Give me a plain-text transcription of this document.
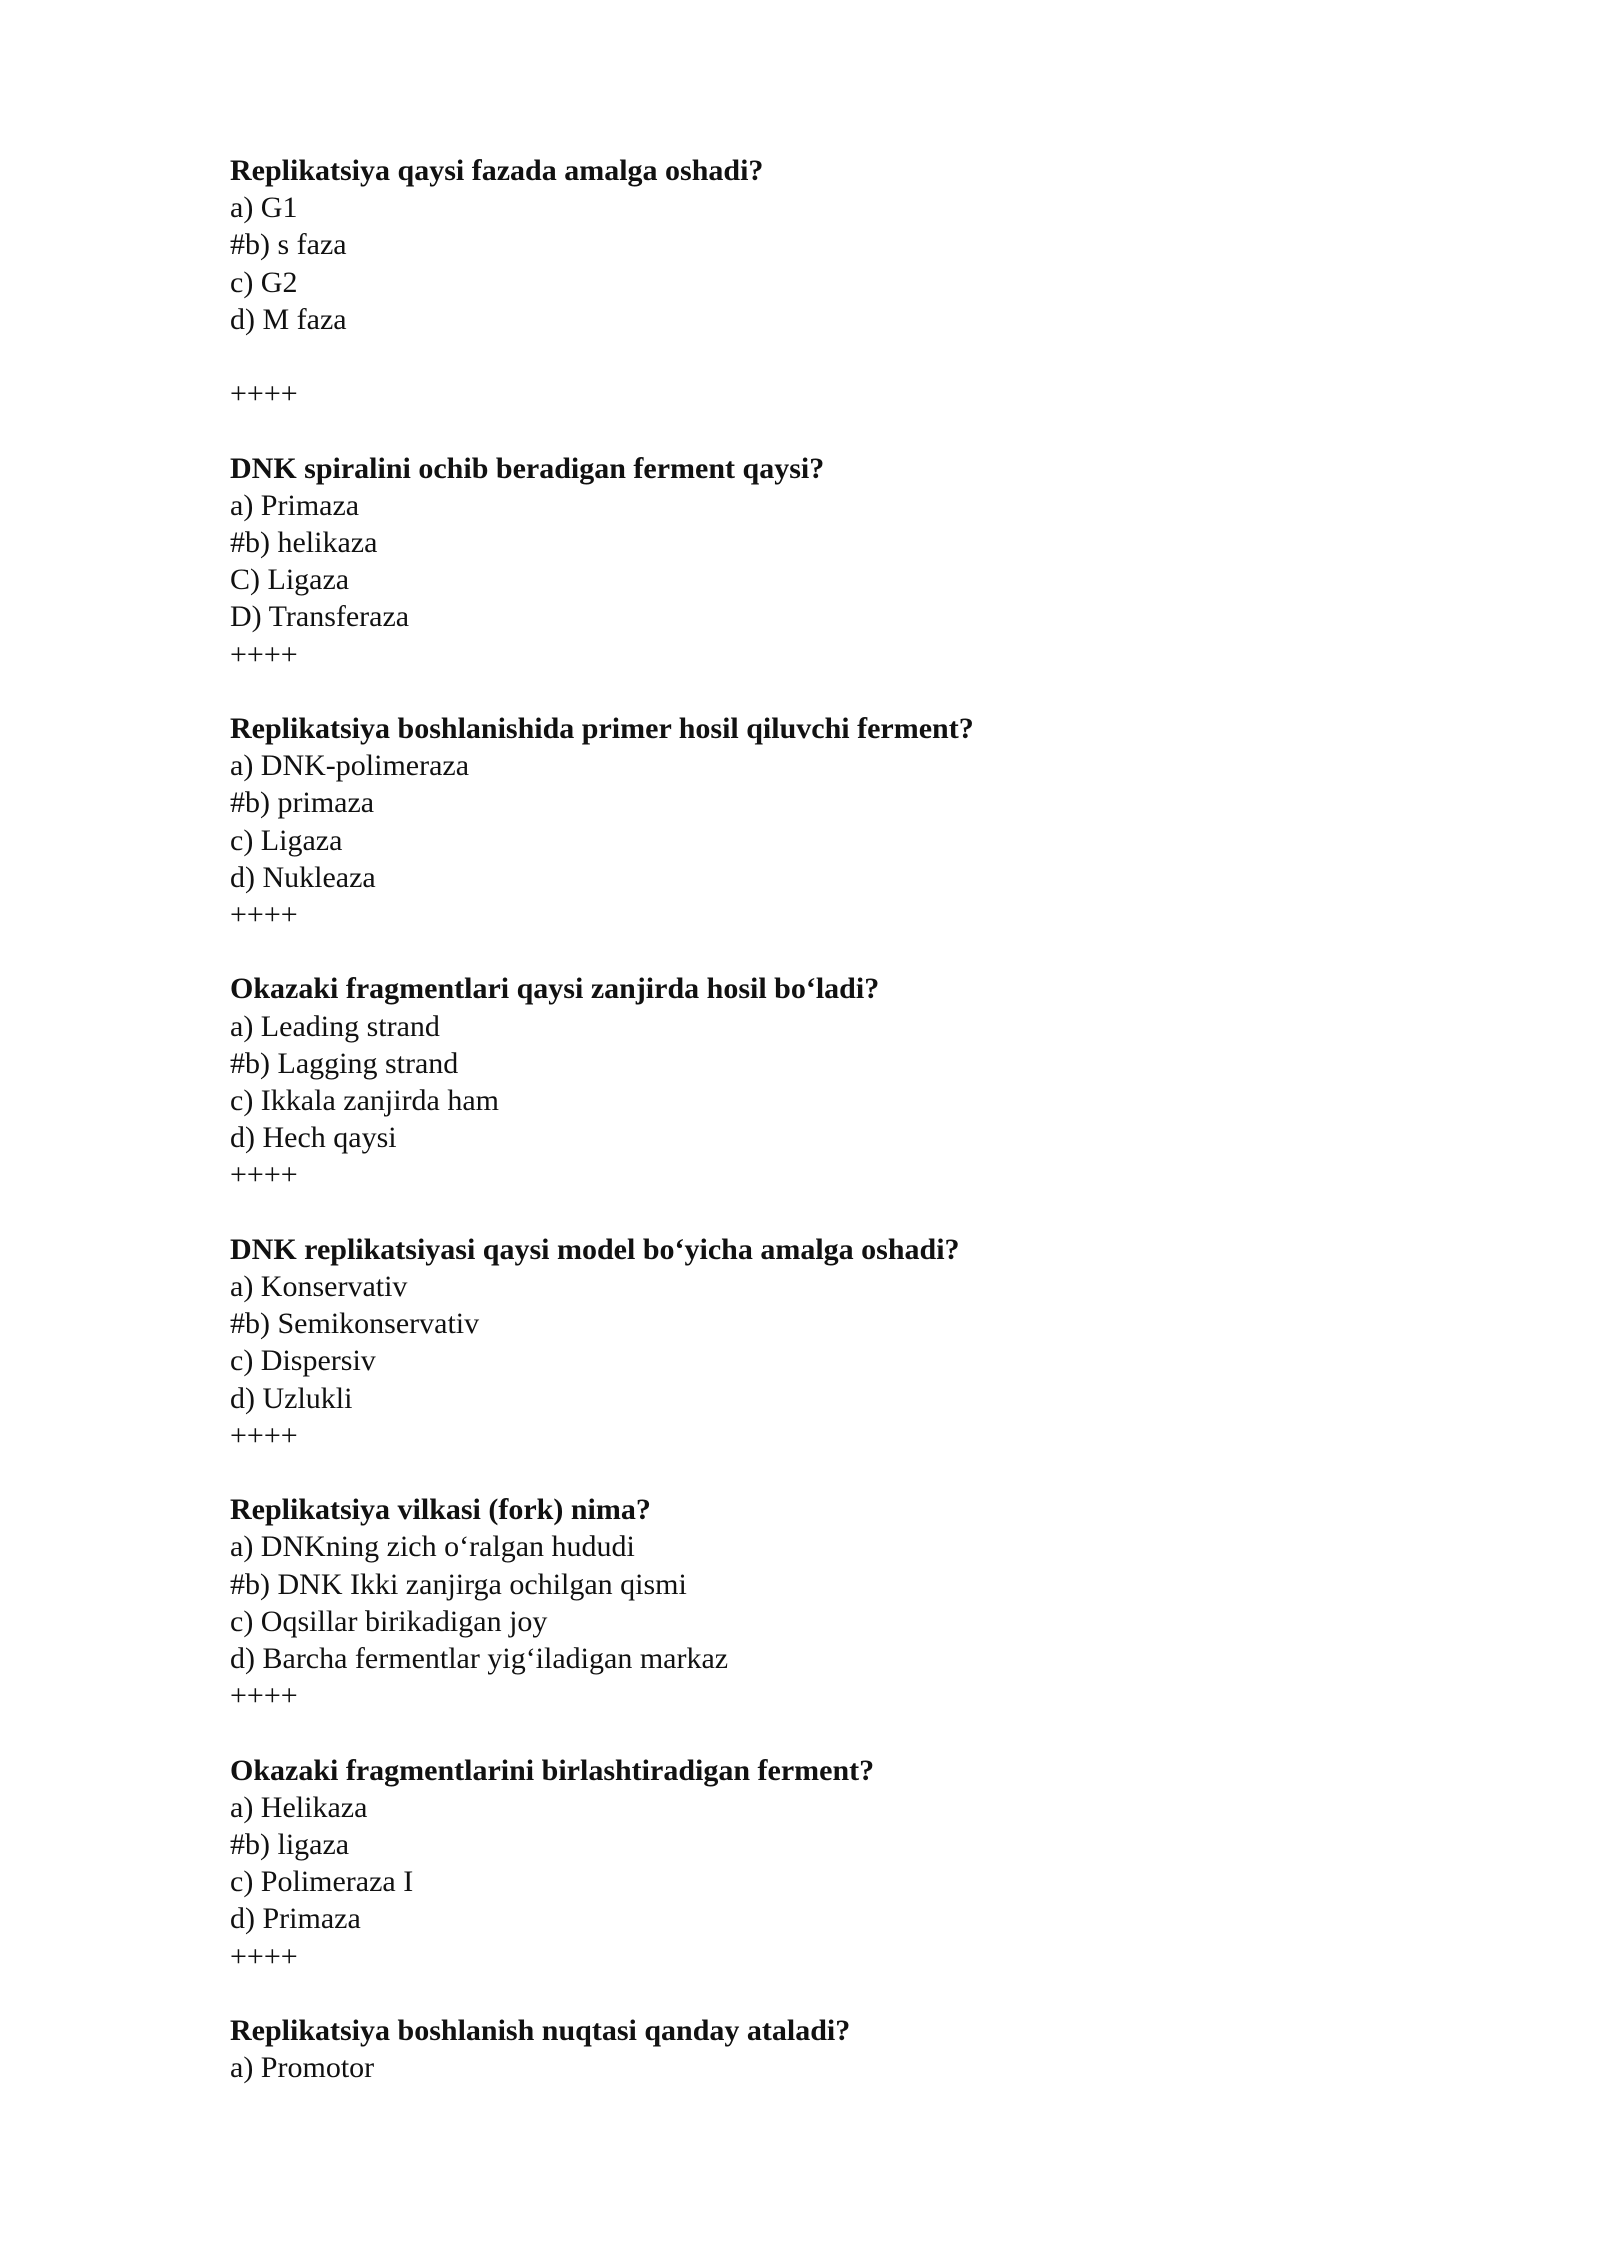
Replikatsiya qaysi fazada amalga oshadi?
a) G1
#b) s faza
c) G2
d) M faza
++++
DNK spiralini ochib beradigan ferment qaysi?
a) Primaza
#b) helikaza
C) Ligaza
D) Transferaza
++++
Replikatsiya boshlanishida primer hosil qiluvchi ferment?
a) DNK-polimeraza
#b) primaza
c) Ligaza
d) Nukleaza
++++
Okazaki fragmentlari qaysi zanjirda hosil bo‘ladi?
a) Leading strand
#b) Lagging strand
c) Ikkala zanjirda ham
d) Hech qaysi
++++
DNK replikatsiyasi qaysi model bo‘yicha amalga oshadi?
a) Konservativ
#b) Semikonservativ
c) Dispersiv
d) Uzlukli
++++
Replikatsiya vilkasi (fork) nima?
a) DNKning zich o‘ralgan hududi
#b) DNK Ikki zanjirga ochilgan qismi
c) Oqsillar birikadigan joy
d) Barcha fermentlar yig‘iladigan markaz
++++
Okazaki fragmentlarini birlashtiradigan ferment?
a) Helikaza
#b) ligaza
c) Polimeraza I
d) Primaza
++++
Replikatsiya boshlanish nuqtasi qanday ataladi?
a) Promotor
